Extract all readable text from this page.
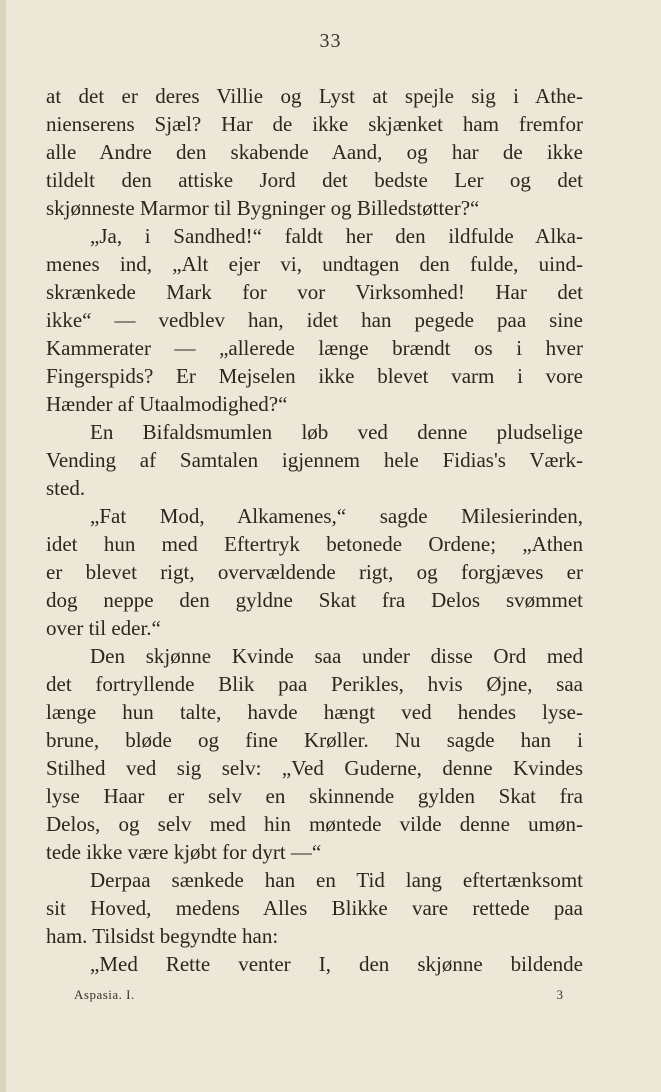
33
at det er deres Villie og Lyst at spejle sig i Athe-
nienserens Sjæl? Har de ikke skjænket ham fremfor
alle Andre den skabende Aand, og har de ikke
tildelt den attiske Jord det bedste Ler og det
skjønneste Marmor til Bygninger og Billedstøtter?“
„Ja, i Sandhed!“ faldt her den ildfulde Alka-
menes ind, „Alt ejer vi, undtagen den fulde, uind-
skrænkede Mark for vor Virksomhed! Har det
ikke“ — vedblev han, idet han pegede paa sine
Kammerater — „allerede længe brændt os i hver
Fingerspids? Er Mejselen ikke blevet varm i vore
Hænder af Utaalmodighed?“
En Bifaldsmumlen løb ved denne pludselige
Vending af Samtalen igjennem hele Fidias's Værk-
sted.
„Fat Mod, Alkamenes,“ sagde Milesierinden,
idet hun med Eftertryk betonede Ordene; „Athen
er blevet rigt, overvældende rigt, og forgjæves er
dog neppe den gyldne Skat fra Delos svømmet
over til eder.“
Den skjønne Kvinde saa under disse Ord med
det fortryllende Blik paa Perikles, hvis Øjne, saa
længe hun talte, havde hængt ved hendes lyse-
brune, bløde og fine Krøller. Nu sagde han i
Stilhed ved sig selv: „Ved Guderne, denne Kvindes
lyse Haar er selv en skinnende gylden Skat fra
Delos, og selv med hin møntede vilde denne umøn-
tede ikke være kjøbt for dyrt —“
Derpaa sænkede han en Tid lang eftertænksomt
sit Hoved, medens Alles Blikke vare rettede paa
ham. Tilsidst begyndte han:
„Med Rette venter I, den skjønne bildende
Aspasia. I.	3
